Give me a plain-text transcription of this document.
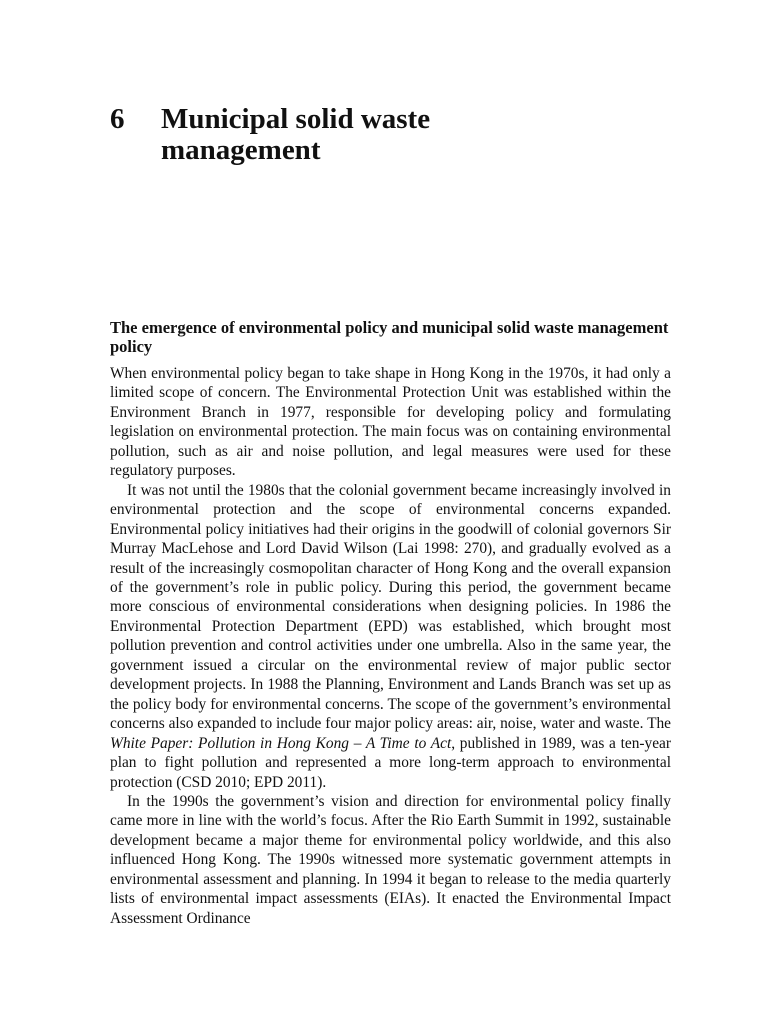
6 Municipal solid waste management
The emergence of environmental policy and municipal solid waste management policy

When environmental policy began to take shape in Hong Kong in the 1970s, it had only a limited scope of concern. The Environmental Protection Unit was established within the Environment Branch in 1977, responsible for developing policy and formulating legislation on environmental protection. The main focus was on containing environmental pollution, such as air and noise pollution, and legal measures were used for these regulatory purposes.

It was not until the 1980s that the colonial government became increasingly involved in environmental protection and the scope of environmental concerns expanded. Environmental policy initiatives had their origins in the goodwill of colonial governors Sir Murray MacLehose and Lord David Wilson (Lai 1998: 270), and gradually evolved as a result of the increasingly cosmopolitan character of Hong Kong and the overall expansion of the government’s role in public policy. During this period, the government became more conscious of environmental considerations when designing policies. In 1986 the Environmental Protection Department (EPD) was established, which brought most pollution prevention and control activities under one umbrella. Also in the same year, the government issued a circular on the environmental review of major public sector development projects. In 1988 the Planning, Environment and Lands Branch was set up as the policy body for environmental concerns. The scope of the government’s environmental concerns also expanded to include four major policy areas: air, noise, water and waste. The White Paper: Pollution in Hong Kong – A Time to Act, published in 1989, was a ten-year plan to fight pollution and represented a more long-term approach to environmental protection (CSD 2010; EPD 2011).

In the 1990s the government’s vision and direction for environmental policy finally came more in line with the world’s focus. After the Rio Earth Summit in 1992, sustainable development became a major theme for environmental policy worldwide, and this also influenced Hong Kong. The 1990s witnessed more systematic government attempts in environmental assessment and planning. In 1994 it began to release to the media quarterly lists of environmental impact assessments (EIAs). It enacted the Environmental Impact Assessment Ordinance
